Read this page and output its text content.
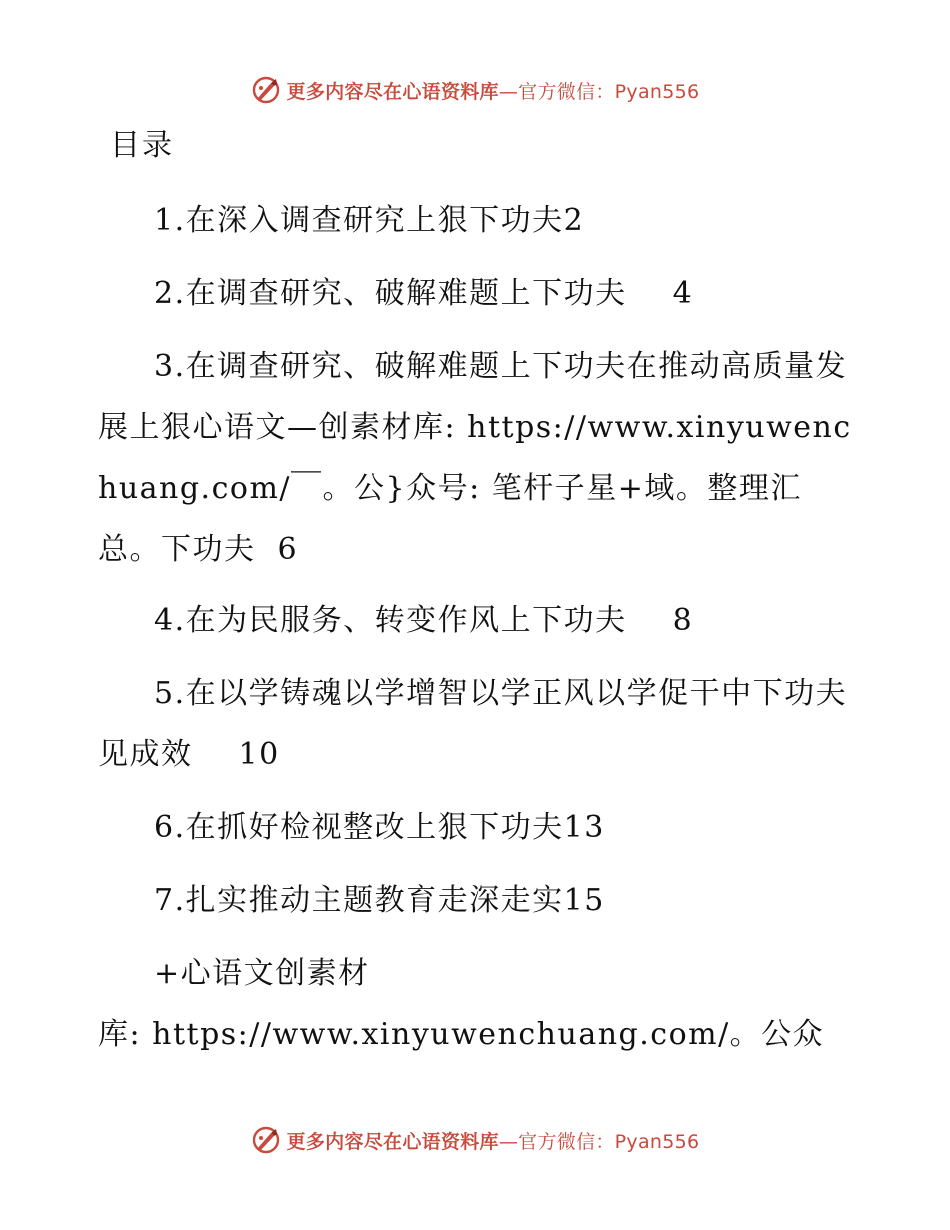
更多内容尽在心语资料库—官方微信：Pyan556
目录

1.在深入调查研究上狠下功夫2

2.在调查研究、破解难题上下功夫 4

3.在调查研究、破解难题上下功夫在推动高质量发展上狠心语文—创素材库: https://www.xinyuwenchuang.com/￣。公}众号: 笔杆子星+域。整理汇总。下功夫 6

4.在为民服务、转变作风上下功夫 8

5.在以学铸魂以学增智以学正风以学促干中下功夫见成效 10

6.在抓好检视整改上狠下功夫13

7.扎实推动主题教育走深走实15

+心语文创素材

库: https://www.xinyuwenchuang.com/。公众

更多内容尽在心语资料库—官方微信：Pyan556
